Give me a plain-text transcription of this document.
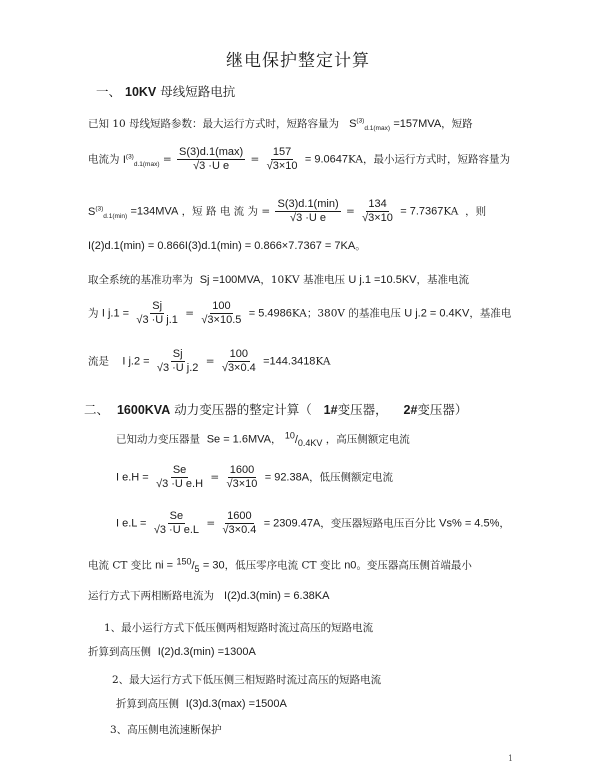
继电保护整定计算
一、 10KV 母线短路电抗
已知 10 母线短路参数：最大运行方式时，短路容量为 $S^{(3)}_{d.1(max)} =157MVA$，短路
电流为 $I^{(3)}_{d.1(max)} = \frac{S(3)d.1(\max)}{\text{√3 ·U e}} = \frac{157}{√3\times 10} = 9.0647KA$，最小运行方式时，短路容量为
$S^{(3)}_{d.1(min)} =134MVA$ ，短 路 电 流 为 = $\frac{S(3)d.1(\min)}{\text{√3 ·U e}} = \frac{134}{√3\times 10} = 7.7367KA$ ，则
I(2)d.1(min) = 0.866I(3)d.1(min) = 0.866×7.7367 = 7KA。
取全系统的基准功率为 Sj =100MVA，10KV 基准电压 U j.1 =10.5KV，基准电流
为 I $j.1 = \frac{Sj}{\text{√3 ·U j.1}} = \frac{100}{√3\times 10.5} = 5.4986KA$；380V 的基准电压 U j.2 = 0.4KV，基准电
流是 I $j.2 = \frac{Sj}{\text{√3 ·U j.2}} = \frac{100}{√3\times 0.4} =144.3418KA$
二、 1600KVA 动力变压器的整定计算（ 1#变压器， 2#变压器）
已知动力变压器量 Se = 1.6MVA， $^{10}/_{0.4KV}$ ，高压侧额定电流
I $e.H = \frac{Se}{\text{√3 ·U e.H}} = \frac{1600}{√3\times 10} = 92.38A$，低压侧额定电流
I $e.L = \frac{Se}{\text{√3 ·U e.L}} = \frac{1600}{√3\times 0.4} = 2309.47A$，变压器短路电压百分比 Vs% = 4.5%，
电流 CT 变比 ni = $^{150}/_5 = 30$，低压零序电流 CT 变比 n0。变压器高压侧首端最小
运行方式下两相断路电流为 I(2)d.3(min) = 6.38KA
1、最小运行方式下低压侧两相短路时流过高压的短路电流
折算到高压侧 I(2)d.3(min) =1300A
2、最大运行方式下低压侧三相短路时流过高压的短路电流
折算到高压侧 I(3)d.3(max) =1500A
3、高压侧电流速断保护
1
